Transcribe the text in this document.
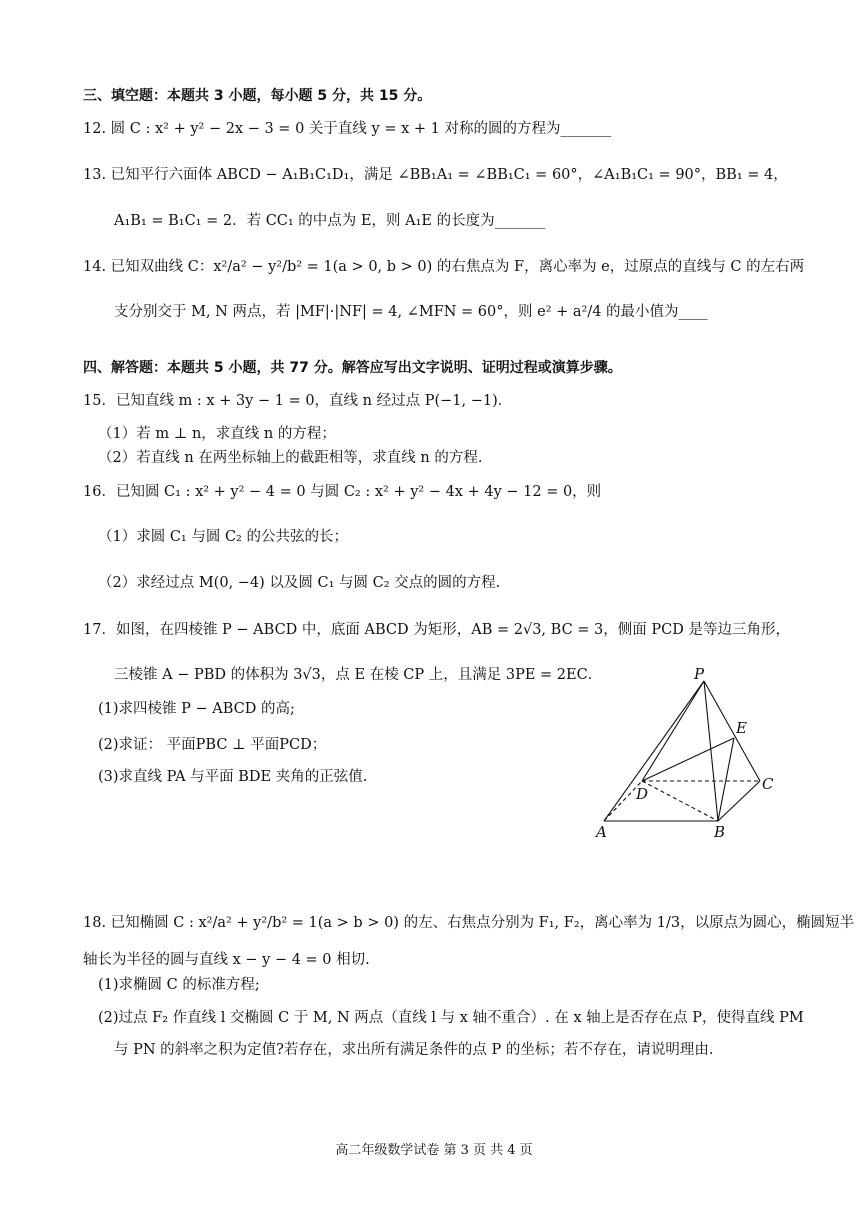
三、填空题：本题共 3 小题，每小题 5 分，共 15 分。
12. 圆 C : x² + y² − 2x − 3 = 0 关于直线 y = x + 1 对称的圆的方程为_______
13. 已知平行六面体 ABCD − A₁B₁C₁D₁，满足 ∠BB₁A₁ = ∠BB₁C₁ = 60°，∠A₁B₁C₁ = 90°，BB₁ = 4，
A₁B₁ = B₁C₁ = 2．若 CC₁ 的中点为 E，则 A₁E 的长度为_______
14. 已知双曲线 C：x²/a² − y²/b² = 1(a > 0, b > 0) 的右焦点为 F，离心率为 e，过原点的直线与 C 的左右两
支分别交于 M, N 两点，若 |MF|·|NF| = 4, ∠MFN = 60°，则 e² + a²/4 的最小值为____
四、解答题：本题共 5 小题，共 77 分。解答应写出文字说明、证明过程或演算步骤。
15．已知直线 m : x + 3y − 1 = 0，直线 n 经过点 P(−1, −1)．
（1）若 m ⊥ n，求直线 n 的方程；
（2）若直线 n 在两坐标轴上的截距相等，求直线 n 的方程.
16．已知圆 C₁ : x² + y² − 4 = 0 与圆 C₂ : x² + y² − 4x + 4y − 12 = 0，则
（1）求圆 C₁ 与圆 C₂ 的公共弦的长；
（2）求经过点 M(0, −4) 以及圆 C₁ 与圆 C₂ 交点的圆的方程.
17．如图，在四棱锥 P − ABCD 中，底面 ABCD 为矩形，AB = 2√3, BC = 3，侧面 PCD 是等边三角形，
三棱锥 A − PBD 的体积为 3√3，点 E 在棱 CP 上，且满足 3PE = 2EC．
(1)求四棱锥 P − ABCD 的高;
(2)求证： 平面PBC ⊥ 平面PCD；
(3)求直线 PA 与平面 BDE 夹角的正弦值.
P
E
D
C
A	B
18. 已知椭圆 C : x²/a² + y²/b² = 1(a > b > 0) 的左、右焦点分别为 F₁, F₂，离心率为 1/3，以原点为圆心，椭圆短半
轴长为半径的圆与直线 x − y − 4 = 0 相切.
(1)求椭圆 C 的标准方程;
(2)过点 F₂ 作直线 l 交椭圆 C 于 M, N 两点（直线 l 与 x 轴不重合）. 在 x 轴上是否存在点 P，使得直线 PM
与 PN 的斜率之积为定值?若存在，求出所有满足条件的点 P 的坐标；若不存在，请说明理由.
高二年级数学试卷 第 3 页 共 4 页
